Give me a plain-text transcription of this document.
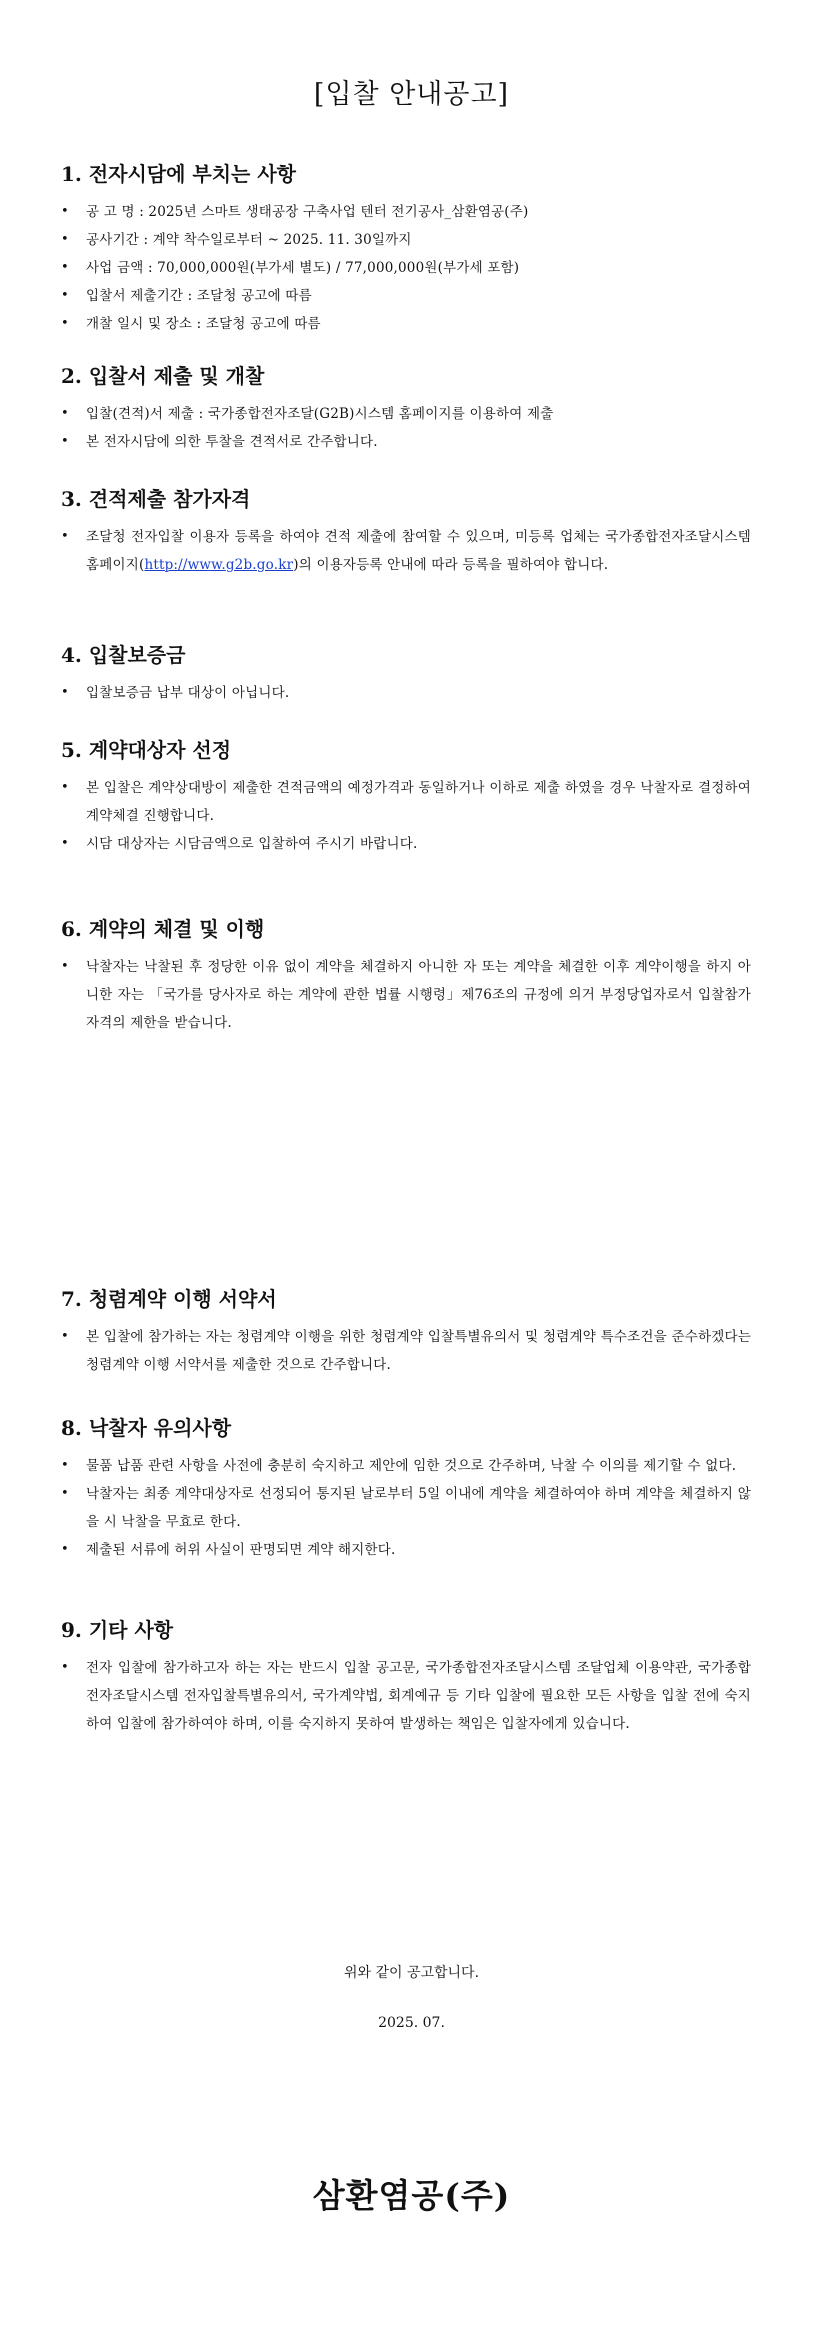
[입찰 안내공고]
1. 전자시담에 부치는 사항
• 공 고 명 : 2025년 스마트 생태공장 구축사업 텐터 전기공사_삼환염공(주)
• 공사기간 : 계약 착수일로부터 ~ 2025. 11. 30일까지
• 사업 금액 : 70,000,000원(부가세 별도) / 77,000,000원(부가세 포함)
• 입찰서 제출기간 : 조달청 공고에 따름
• 개찰 일시 및 장소 : 조달청 공고에 따름
2. 입찰서 제출 및 개찰
• 입찰(견적)서 제출 : 국가종합전자조달(G2B)시스템 홈페이지를 이용하여 제출
• 본 전자시담에 의한 투찰을 견적서로 간주합니다.
3. 견적제출 참가자격
• 조달청 전자입찰 이용자 등록을 하여야 견적 제출에 참여할 수 있으며, 미등록 업체는 국가종합전자조달시스템 홈페이지(http://www.g2b.go.kr)의 이용자등록 안내에 따라 등록을 필하여야 합니다.
4. 입찰보증금
• 입찰보증금 납부 대상이 아닙니다.
5. 계약대상자 선정
• 본 입찰은 계약상대방이 제출한 견적금액의 예정가격과 동일하거나 이하로 제출 하였을 경우 낙찰자로 결정하여 계약체결 진행합니다.
• 시담 대상자는 시담금액으로 입찰하여 주시기 바랍니다.
6. 계약의 체결 및 이행
• 낙찰자는 낙찰된 후 정당한 이유 없이 계약을 체결하지 아니한 자 또는 계약을 체결한 이후 계약이행을 하지 아니한 자는 「국가를 당사자로 하는 계약에 관한 법률 시행령」제76조의 규정에 의거 부정당업자로서 입찰참가 자격의 제한을 받습니다.
7. 청렴계약 이행 서약서
• 본 입찰에 참가하는 자는 청렴계약 이행을 위한 청렴계약 입찰특별유의서 및 청렴계약 특수조건을 준수하겠다는 청렴계약 이행 서약서를 제출한 것으로 간주합니다.
8. 낙찰자 유의사항
• 물품 납품 관련 사항을 사전에 충분히 숙지하고 제안에 임한 것으로 간주하며, 낙찰 수 이의를 제기할 수 없다.
• 낙찰자는 최종 계약대상자로 선정되어 통지된 날로부터 5일 이내에 계약을 체결하여야 하며 계약을 체결하지 않을 시 낙찰을 무효로 한다.
• 제출된 서류에 허위 사실이 판명되면 계약 해지한다.
9. 기타 사항
• 전자 입찰에 참가하고자 하는 자는 반드시 입찰 공고문, 국가종합전자조달시스템 조달업체 이용약관, 국가종합전자조달시스템 전자입찰특별유의서, 국가계약법, 회계예규 등 기타 입찰에 필요한 모든 사항을 입찰 전에 숙지하여 입찰에 참가하여야 하며, 이를 숙지하지 못하여 발생하는 책임은 입찰자에게 있습니다.

위와 같이 공고합니다.

2025. 07.

삼환염공(주)
